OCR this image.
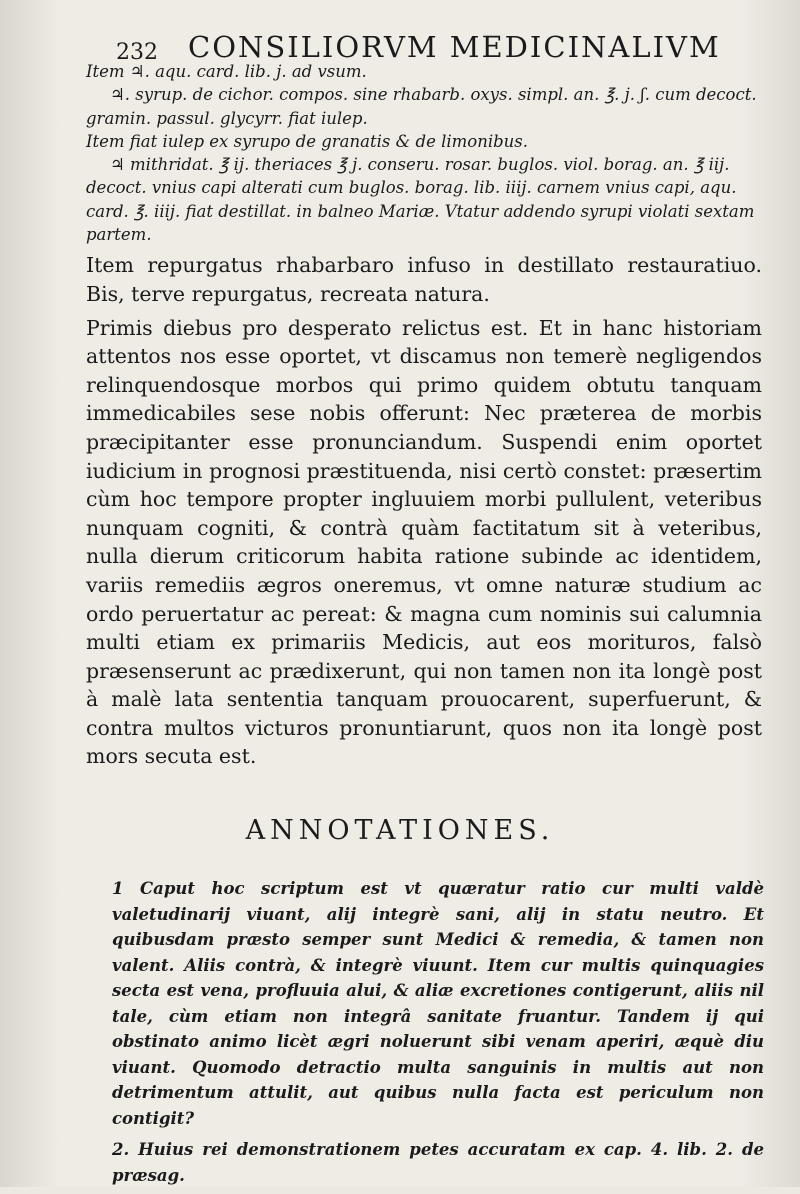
232 CONSILIORVM MEDICINALIVM

Item ♃. aqu. card. lib. j. ad vsum.

♃. syrup. de cichor. compos. sine rhabarb. oxys. simpl. an. ℥. j. ʃ. cum decoct. gramin. passul. glycyrr. fiat iulep.

Item fiat iulep ex syrupo de granatis & de limonibus.

♃ mithridat. ℥ ij. theriaces ℥ j. conseru. rosar. buglos. viol. borag. an. ℥ iij. decoct. vnius capi alterati cum buglos. borag. lib. iiij. carnem vnius capi, aqu. card. ℥. iiij. fiat destillat. in balneo Mariæ. Vtatur addendo syrupi violati sextam partem.

Item repurgatus rhabarbaro infuso in destillato restauratiuo. Bis, terve repurgatus, recreata natura.

Primis diebus pro desperato relictus est. Et in hanc historiam attentos nos esse oportet, vt discamus non temerè negligendos relinquendosque morbos qui primo quidem obtutu tanquam immedicabiles sese nobis offerunt: Nec præterea de morbis præcipitanter esse pronunciandum. Suspendi enim oportet iudicium in prognosi præstituenda, nisi certò constet: præsertim cùm hoc tempore propter ingluuiem morbi pullulent, veteribus nunquam cogniti, & contrà quàm factitatum sit à veteribus, nulla dierum criticorum habita ratione subinde ac identidem, variis remediis ægros oneremus, vt omne naturæ studium ac ordo peruertatur ac pereat: & magna cum nominis sui calumnia multi etiam ex primariis Medicis, aut eos morituros, falsò præsenserunt ac prædixerunt, qui non tamen non ita longè post à malè lata sententia tanquam prouocarent, superfuerunt, & contra multos victuros pronuntiarunt, quos non ita longè post mors secuta est.

ANNOTATIONES.

1 Caput hoc scriptum est vt quæratur ratio cur multi valdè valetudinarij viuant, alij integrè sani, alij in statu neutro. Et quibusdam præsto semper sunt Medici & remedia, & tamen non valent. Aliis contrà, & integrè viuunt. Item cur multis quinquagies secta est vena, profluuia alui, & aliæ excretiones contigerunt, aliis nil tale, cùm etiam non integrâ sanitate fruantur. Tandem ij qui obstinato animo licèt ægri noluerunt sibi venam aperiri, æquè diu viuant. Quomodo detractio multa sanguinis in multis aut non detrimentum attulit, aut quibus nulla facta est periculum non contigit?

2. Huius rei demonstrationem petes accuratam ex cap. 4. lib. 2. de præsag.
